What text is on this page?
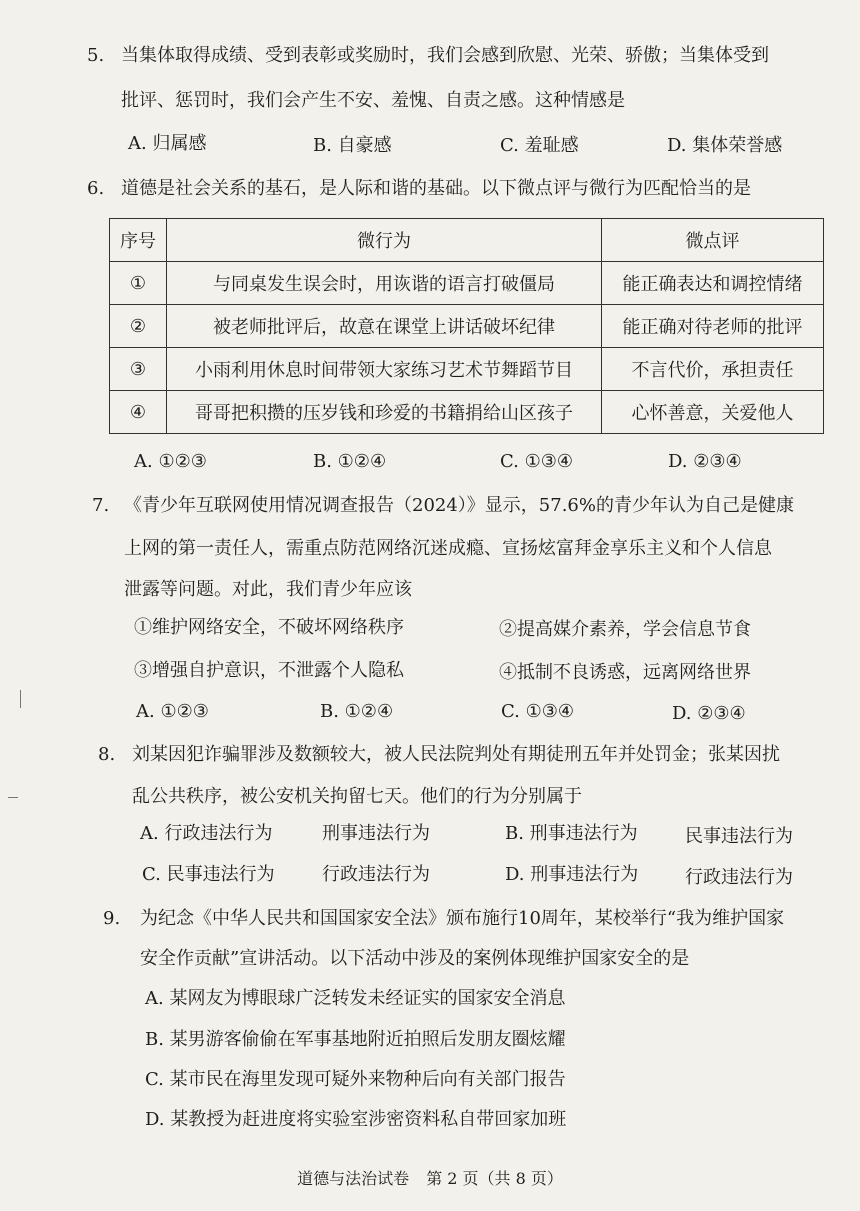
5. 当集体取得成绩、受到表彰或奖励时，我们会感到欣慰、光荣、骄傲；当集体受到
批评、惩罚时，我们会产生不安、羞愧、自责之感。这种情感是
A. 归属感	B. 自豪感	C. 羞耻感	D. 集体荣誉感
6. 道德是社会关系的基石，是人际和谐的基础。以下微点评与微行为匹配恰当的是
序号	微行为	微点评
①	与同桌发生误会时，用诙谐的语言打破僵局	能正确表达和调控情绪
②	被老师批评后，故意在课堂上讲话破坏纪律	能正确对待老师的批评
③	小雨利用休息时间带领大家练习艺术节舞蹈节目	不言代价，承担责任
④	哥哥把积攒的压岁钱和珍爱的书籍捐给山区孩子	心怀善意，关爱他人
A. ①②③	B. ①②④	C. ①③④	D. ②③④
7. 《青少年互联网使用情况调查报告（2024）》显示，57.6%的青少年认为自己是健康
上网的第一责任人，需重点防范网络沉迷成瘾、宣扬炫富拜金享乐主义和个人信息
泄露等问题。对此，我们青少年应该
①维护网络安全，不破坏网络秩序	②提高媒介素养，学会信息节食
③增强自护意识，不泄露个人隐私	④抵制不良诱惑，远离网络世界
A. ①②③	B. ①②④	C. ①③④	D. ②③④
8. 刘某因犯诈骗罪涉及数额较大，被人民法院判处有期徒刑五年并处罚金；张某因扰
乱公共秩序，被公安机关拘留七天。他们的行为分别属于
A. 行政违法行为	刑事违法行为	B. 刑事违法行为	民事违法行为
C. 民事违法行为	行政违法行为	D. 刑事违法行为	行政违法行为
9. 为纪念《中华人民共和国国家安全法》颁布施行10周年，某校举行“我为维护国家
安全作贡献”宣讲活动。以下活动中涉及的案例体现维护国家安全的是
A. 某网友为博眼球广泛转发未经证实的国家安全消息
B. 某男游客偷偷在军事基地附近拍照后发朋友圈炫耀
C. 某市民在海里发现可疑外来物种后向有关部门报告
D. 某教授为赶进度将实验室涉密资料私自带回家加班
道德与法治试卷 第 2 页（共 8 页）
